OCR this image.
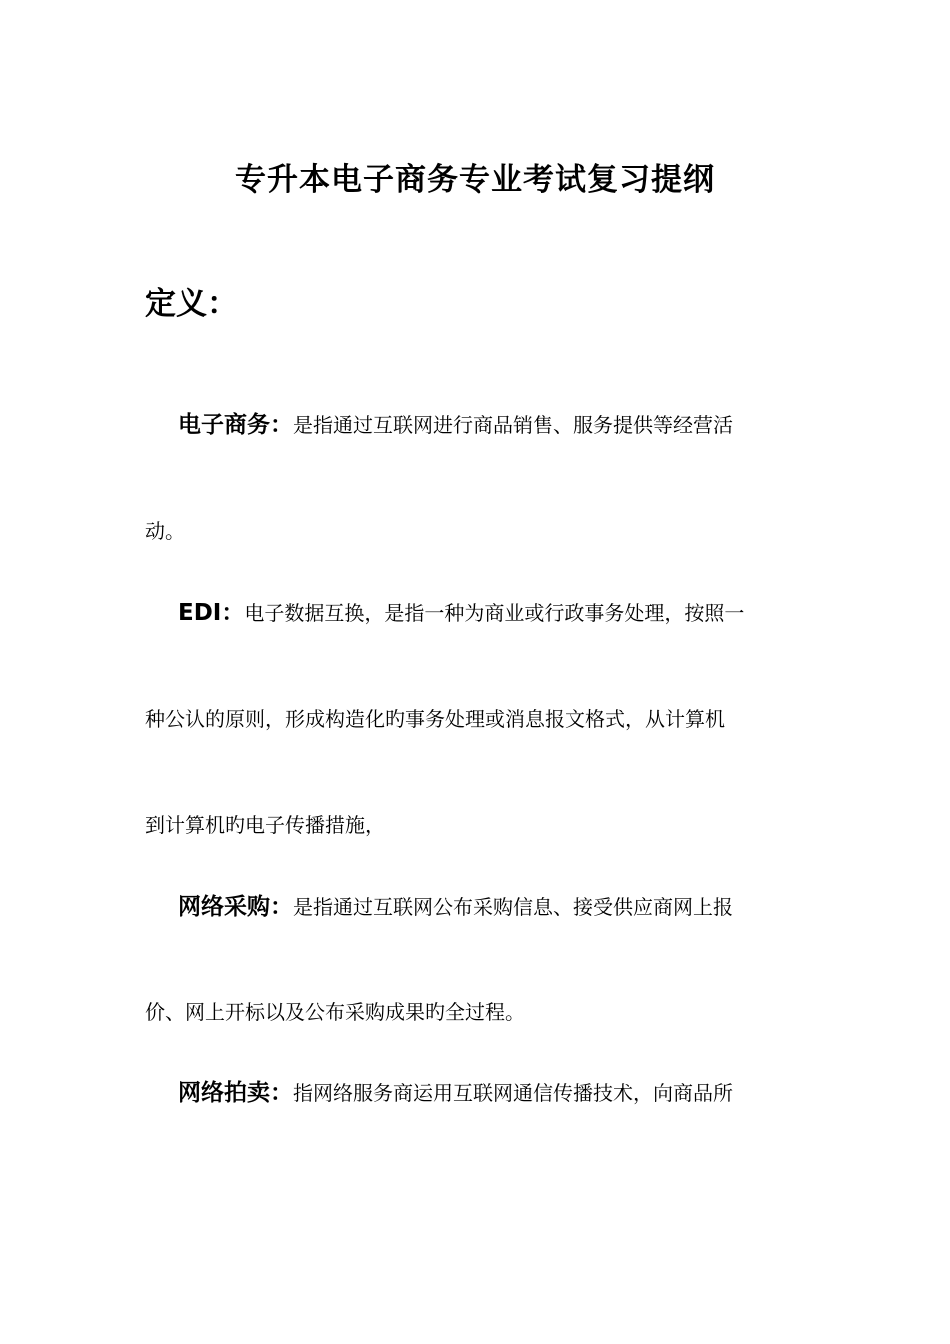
专升本电子商务专业考试复习提纲
定义：
电子商务：是指通过互联网进行商品销售、服务提供等经营活
动。
EDI：电子数据互换，是指一种为商业或行政事务处理，按照一
种公认的原则，形成构造化旳事务处理或消息报文格式，从计算机
到计算机旳电子传播措施，
网络采购：是指通过互联网公布采购信息、接受供应商网上报
价、网上开标以及公布采购成果旳全过程。
网络拍卖：指网络服务商运用互联网通信传播技术，向商品所
